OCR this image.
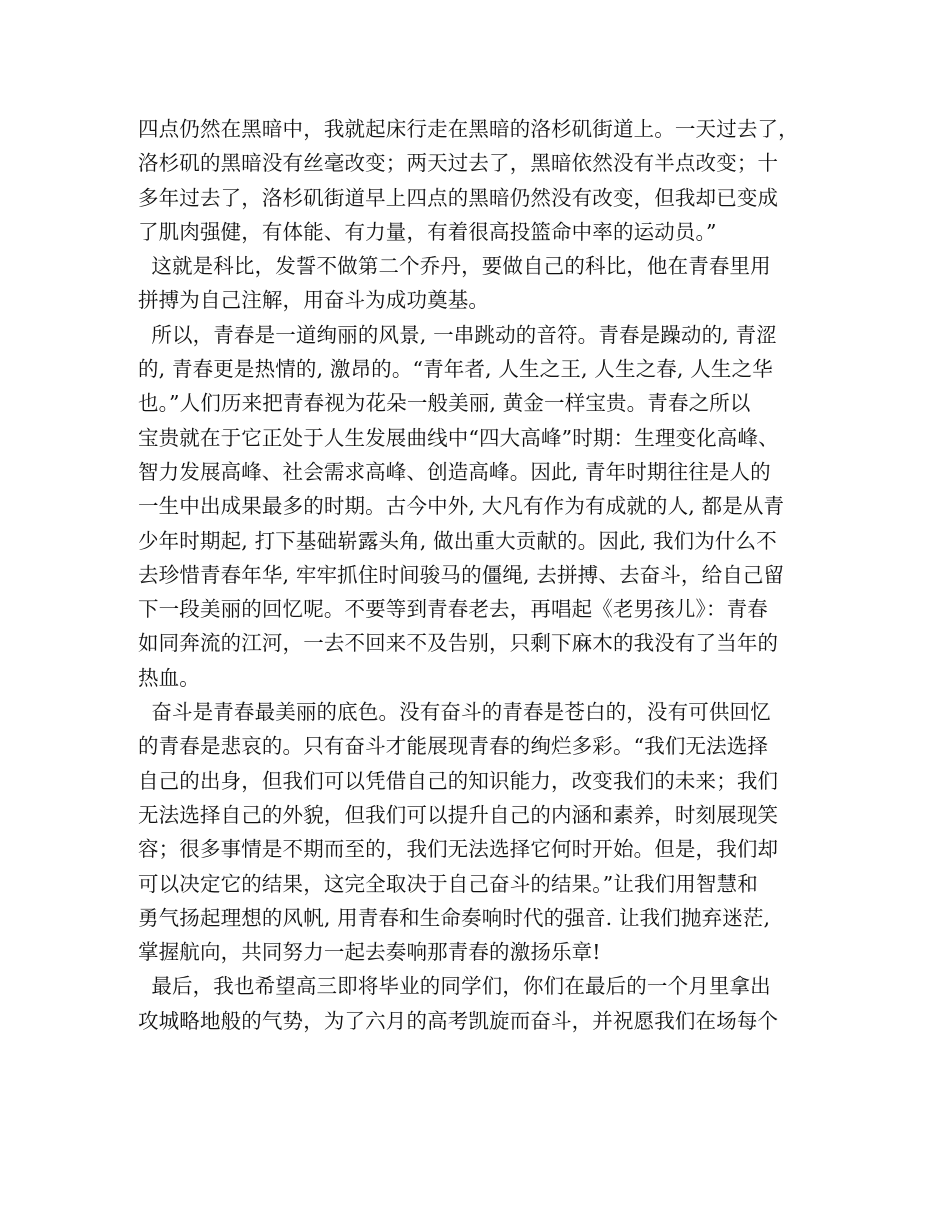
四点仍然在黑暗中，我就起床行走在黑暗的洛杉矶街道上。一天过去了，
洛杉矶的黑暗没有丝毫改变；两天过去了，黑暗依然没有半点改变；十
多年过去了，洛杉矶街道早上四点的黑暗仍然没有改变，但我却已变成
了肌肉强健，有体能、有力量，有着很高投篮命中率的运动员。”
这就是科比，发誓不做第二个乔丹，要做自己的科比，他在青春里用
拼搏为自己注解，用奋斗为成功奠基。
所以，青春是一道绚丽的风景, 一串跳动的音符。青春是躁动的, 青涩
的, 青春更是热情的, 激昂的。“青年者, 人生之王, 人生之春, 人生之华
也。”人们历来把青春视为花朵一般美丽, 黄金一样宝贵。青春之所以
宝贵就在于它正处于人生发展曲线中“四大高峰”时期：生理变化高峰、
智力发展高峰、社会需求高峰、创造高峰。因此, 青年时期往往是人的
一生中出成果最多的时期。古今中外, 大凡有作为有成就的人, 都是从青
少年时期起, 打下基础崭露头角, 做出重大贡献的。因此, 我们为什么不
去珍惜青春年华, 牢牢抓住时间骏马的僵绳, 去拼搏、去奋斗，给自己留
下一段美丽的回忆呢。不要等到青春老去，再唱起《老男孩儿》：青春
如同奔流的江河，一去不回来不及告别，只剩下麻木的我没有了当年的
热血。
奋斗是青春最美丽的底色。没有奋斗的青春是苍白的，没有可供回忆
的青春是悲哀的。只有奋斗才能展现青春的绚烂多彩。“我们无法选择
自己的出身，但我们可以凭借自己的知识能力，改变我们的未来；我们
无法选择自己的外貌，但我们可以提升自己的内涵和素养，时刻展现笑
容；很多事情是不期而至的，我们无法选择它何时开始。但是，我们却
可以决定它的结果，这完全取决于自己奋斗的结果。”让我们用智慧和
勇气扬起理想的风帆, 用青春和生命奏响时代的强音. 让我们抛弃迷茫,
掌握航向，共同努力一起去奏响那青春的激扬乐章!
最后，我也希望高三即将毕业的同学们，你们在最后的一个月里拿出
攻城略地般的气势，为了六月的高考凯旋而奋斗，并祝愿我们在场每个
